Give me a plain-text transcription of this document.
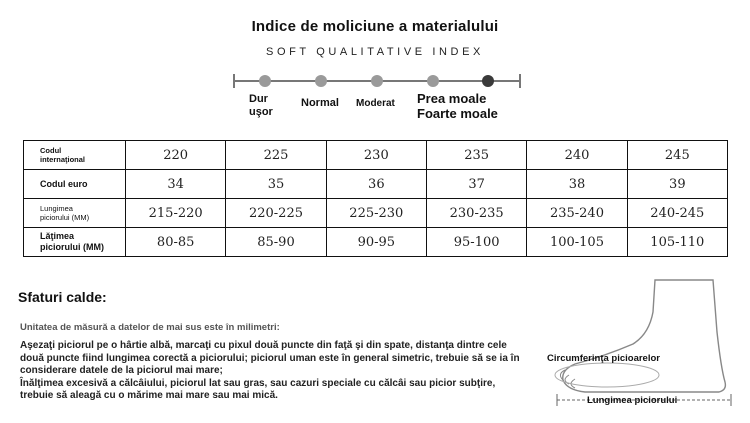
Indice de moliciune a materialului
SOFT QUALITATIVE INDEX
Dur
uşor
Normal Moderat Prea moale
Foarte moale
Codul
internaţional	220	225	230	235	240	245

Codul euro	34	35	36	37	38	39

Lungimea
piciorului (MM)	215-220	220-225	225-230	230-235	235-240	240-245

Lăţimea
piciorului (MM)	80-85	85-90	90-95	95-100	100-105	105-110
Sfaturi calde:
Unitatea de măsură a datelor de mai sus este în milimetri:

Aşezaţi piciorul pe o hârtie albă, marcaţi cu pixul două puncte din faţă şi din spate, distanţa dintre cele două puncte fiind lungimea corectă a piciorului; piciorul uman este în general simetric, trebuie să se ia în considerare datele de la piciorul mai mare;

Înălţimea excesivă a călcâiului, piciorul lat sau gras, sau cazuri speciale cu călcâi sau picior subţire, trebuie să aleagă cu o mărime mai mare sau mai mică.

Circumferinţa picioarelor
Lungimea piciorului
